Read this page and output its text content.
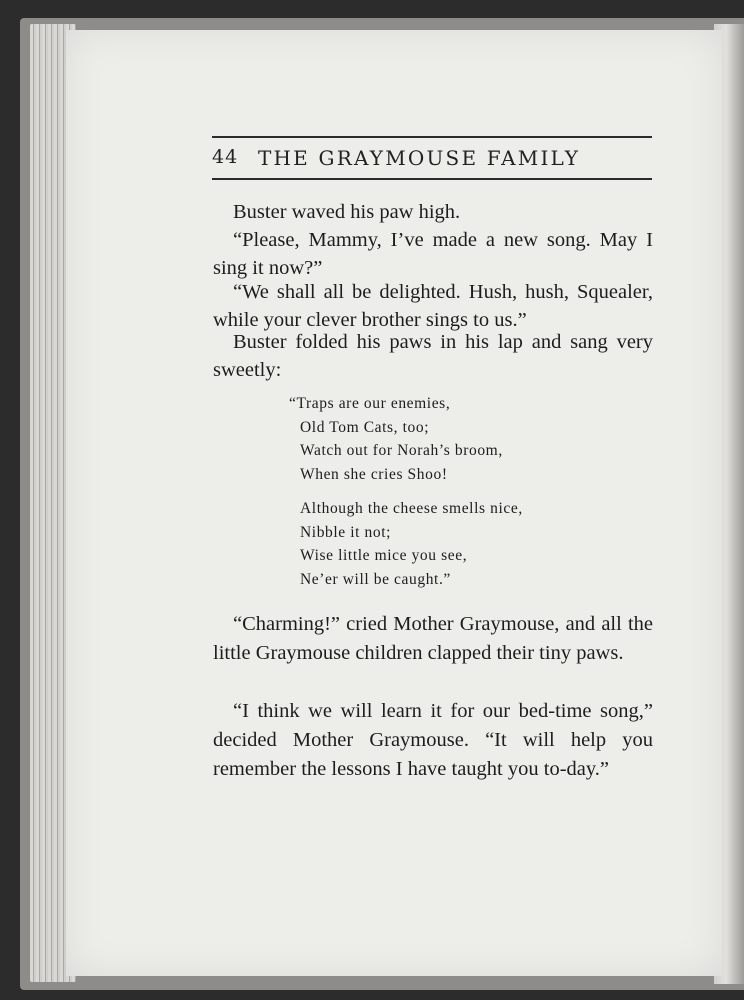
44 THE GRAYMOUSE FAMILY

Buster waved his paw high.

“Please, Mammy, I’ve made a new song. May I sing it now?”

“We shall all be delighted. Hush, hush, Squealer, while your clever brother sings to us.”

Buster folded his paws in his lap and sang very sweetly:

“Traps are our enemies,
Old Tom Cats, too;
Watch out for Norah’s broom,
When she cries Shoo!
Although the cheese smells nice,
Nibble it not;
Wise little mice you see,
Ne’er will be caught.”

“Charming!” cried Mother Graymouse, and all the little Graymouse children clapped their tiny paws.

“I think we will learn it for our bed-time song,” decided Mother Graymouse. “It will help you remember the lessons I have taught you to-day.”
